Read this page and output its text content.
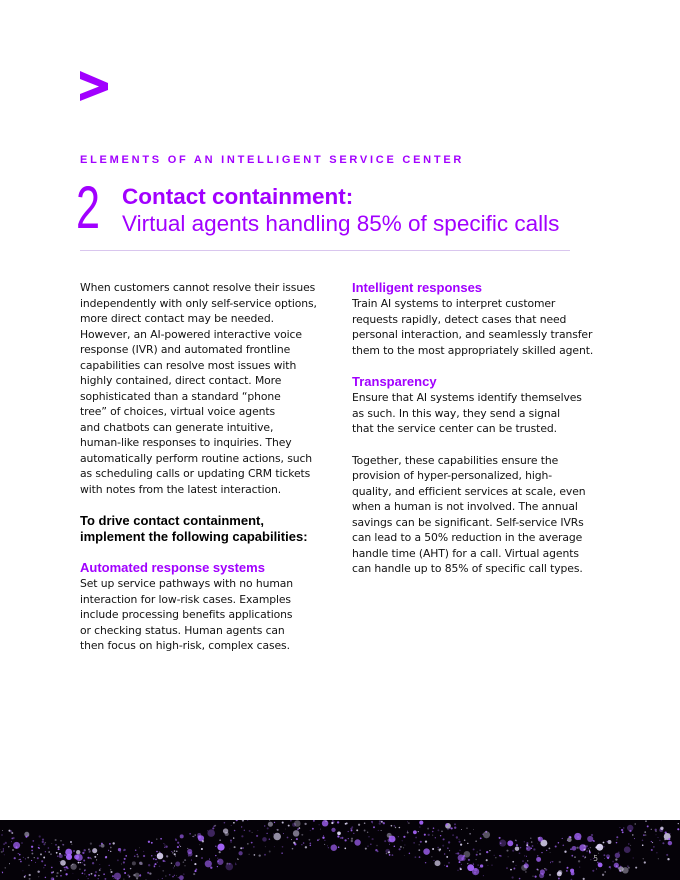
ELEMENTS OF AN INTELLIGENT SERVICE CENTER
2 Contact containment:
Virtual agents handling 85% of specific calls

When customers cannot resolve their issues
independently with only self-service options,
more direct contact may be needed.
However, an AI-powered interactive voice
response (IVR) and automated frontline
capabilities can resolve most issues with
highly contained, direct contact. More
sophisticated than a standard “phone
tree” of choices, virtual voice agents
and chatbots can generate intuitive,
human-like responses to inquiries. They
automatically perform routine actions, such
as scheduling calls or updating CRM tickets
with notes from the latest interaction.

To drive contact containment,
implement the following capabilities:
Automated response systems

Set up service pathways with no human
interaction for low-risk cases. Examples
include processing benefits applications
or checking status. Human agents can
then focus on high-risk, complex cases.

Intelligent responses

Train AI systems to interpret customer
requests rapidly, detect cases that need
personal interaction, and seamlessly transfer
them to the most appropriately skilled agent.

Transparency

Ensure that AI systems identify themselves
as such. In this way, they send a signal
that the service center can be trusted.

Together, these capabilities ensure the
provision of hyper-personalized, high-
quality, and efficient services at scale, even
when a human is not involved. The annual
savings can be significant. Self-service IVRs
can lead to a 50% reduction in the average
handle time (AHT) for a call. Virtual agents
can handle up to 85% of specific call types.

5
